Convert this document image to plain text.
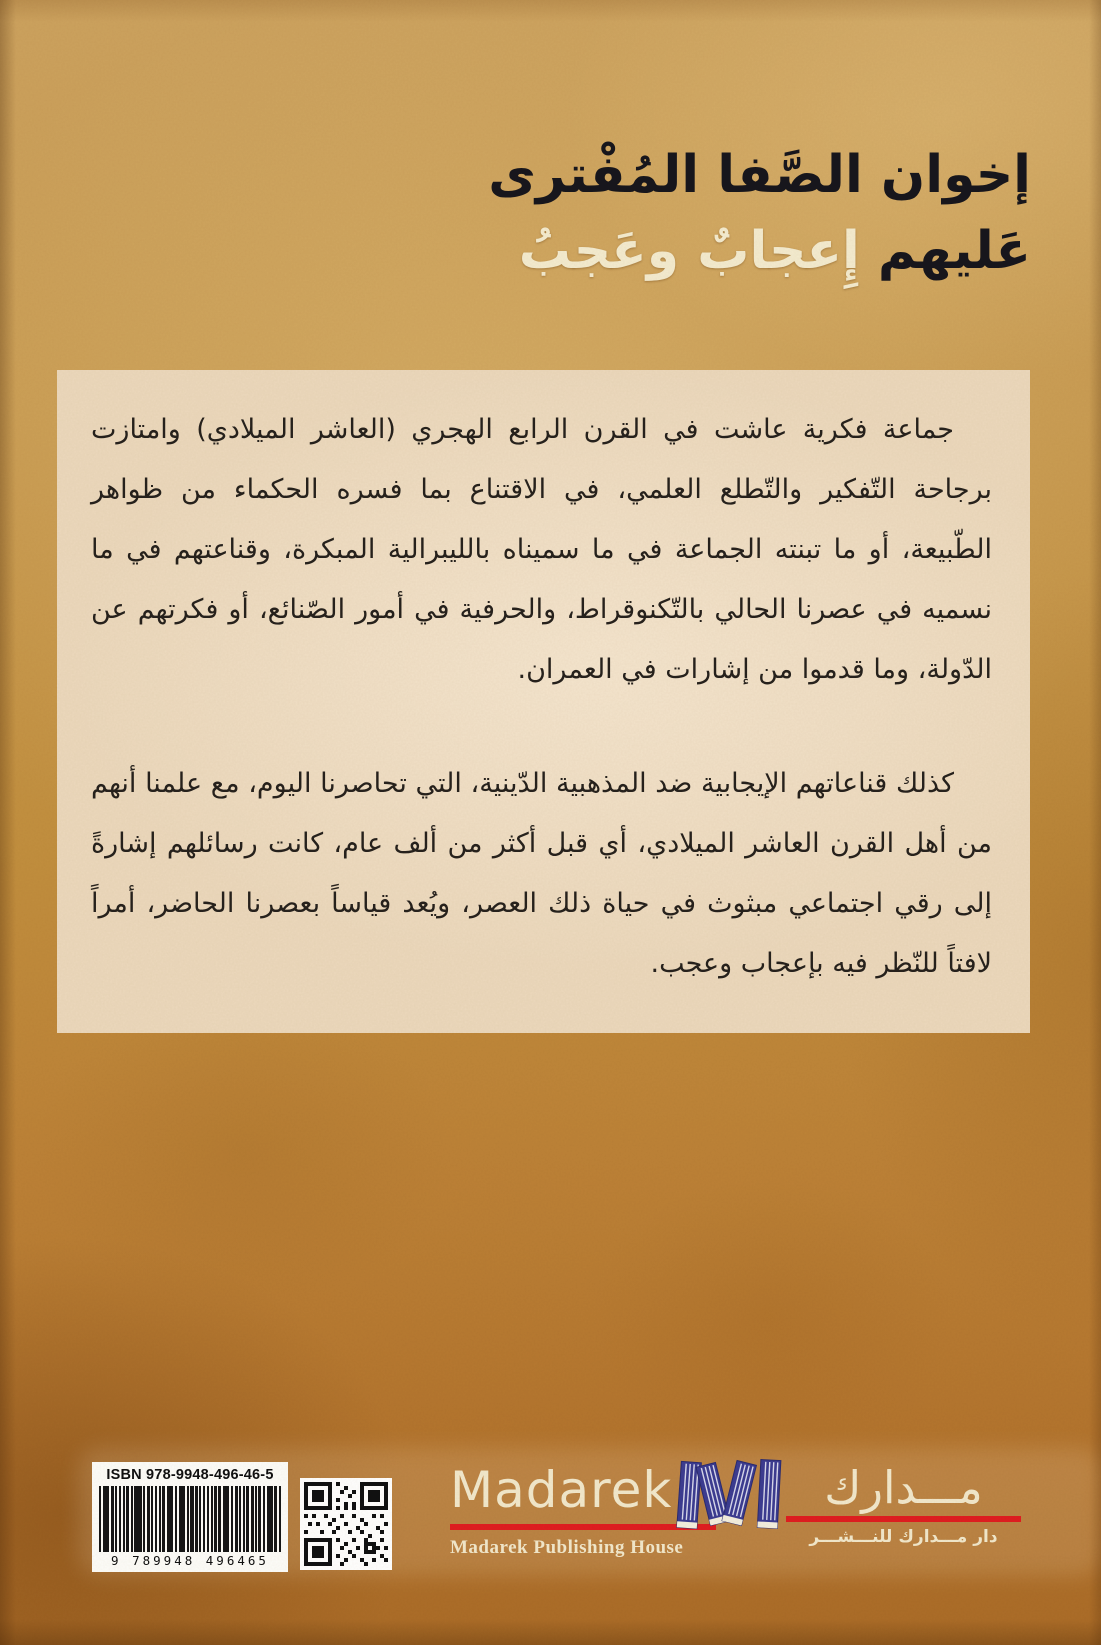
إخوان الصَّفا المُفْترى
عَليهم إِعجابٌ وعَجبُ

جماعة فكرية عاشت في القرن الرابع الهجري (العاشر الميلادي) وامتازت برجاحة التّفكير والتّطلع العلمي، في الاقتناع بما فسره الحكماء من ظواهر الطّبيعة، أو ما تبنته الجماعة في ما سميناه بالليبرالية المبكرة، وقناعتهم في ما نسميه في عصرنا الحالي بالتّكنوقراط، والحرفية في أمور الصّنائع، أو فكرتهم عن الدّولة، وما قدموا من إشارات في العمران.

كذلك قناعاتهم الإيجابية ضد المذهبية الدّينية، التي تحاصرنا اليوم، مع علمنا أنهم من أهل القرن العاشر الميلادي، أي قبل أكثر من ألف عام، كانت رسائلهم إشارةً إلى رقي اجتماعي مبثوث في حياة ذلك العصر، ويُعد قياساً بعصرنا الحاضر، أمراً لافتاً للنّظر فيه بإعجاب وعجب.

ISBN 978-9948-496-46-5
9 789948 496465
Madarek
Madarek Publishing House
مـــدارك
دار مـــدارك للنـــشـــر
